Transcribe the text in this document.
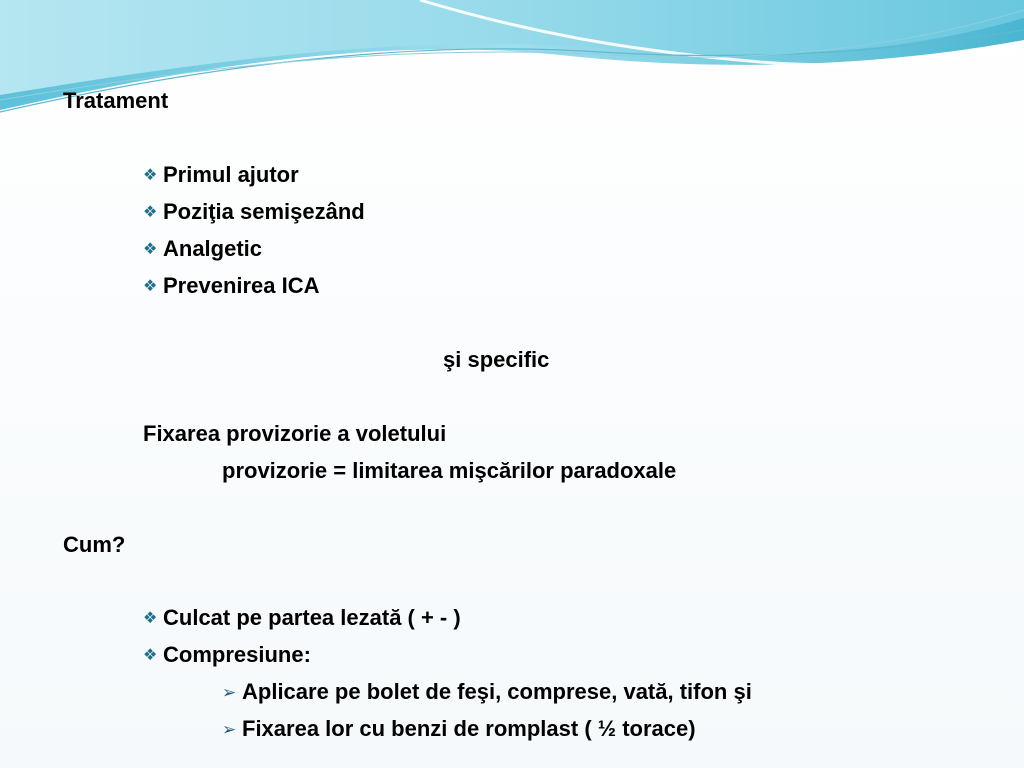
Tratament
❖ Primul ajutor
❖ Poziţia semişezând
❖ Analgetic
❖ Prevenirea ICA
şi specific
Fixarea provizorie a voletului
provizorie = limitarea mişcărilor paradoxale
Cum?
❖ Culcat pe partea lezată ( + - )
❖ Compresiune:
➢ Aplicare pe bolet de feşi, comprese, vată, tifon şi
➢ Fixarea lor cu benzi de romplast ( ½ torace)
